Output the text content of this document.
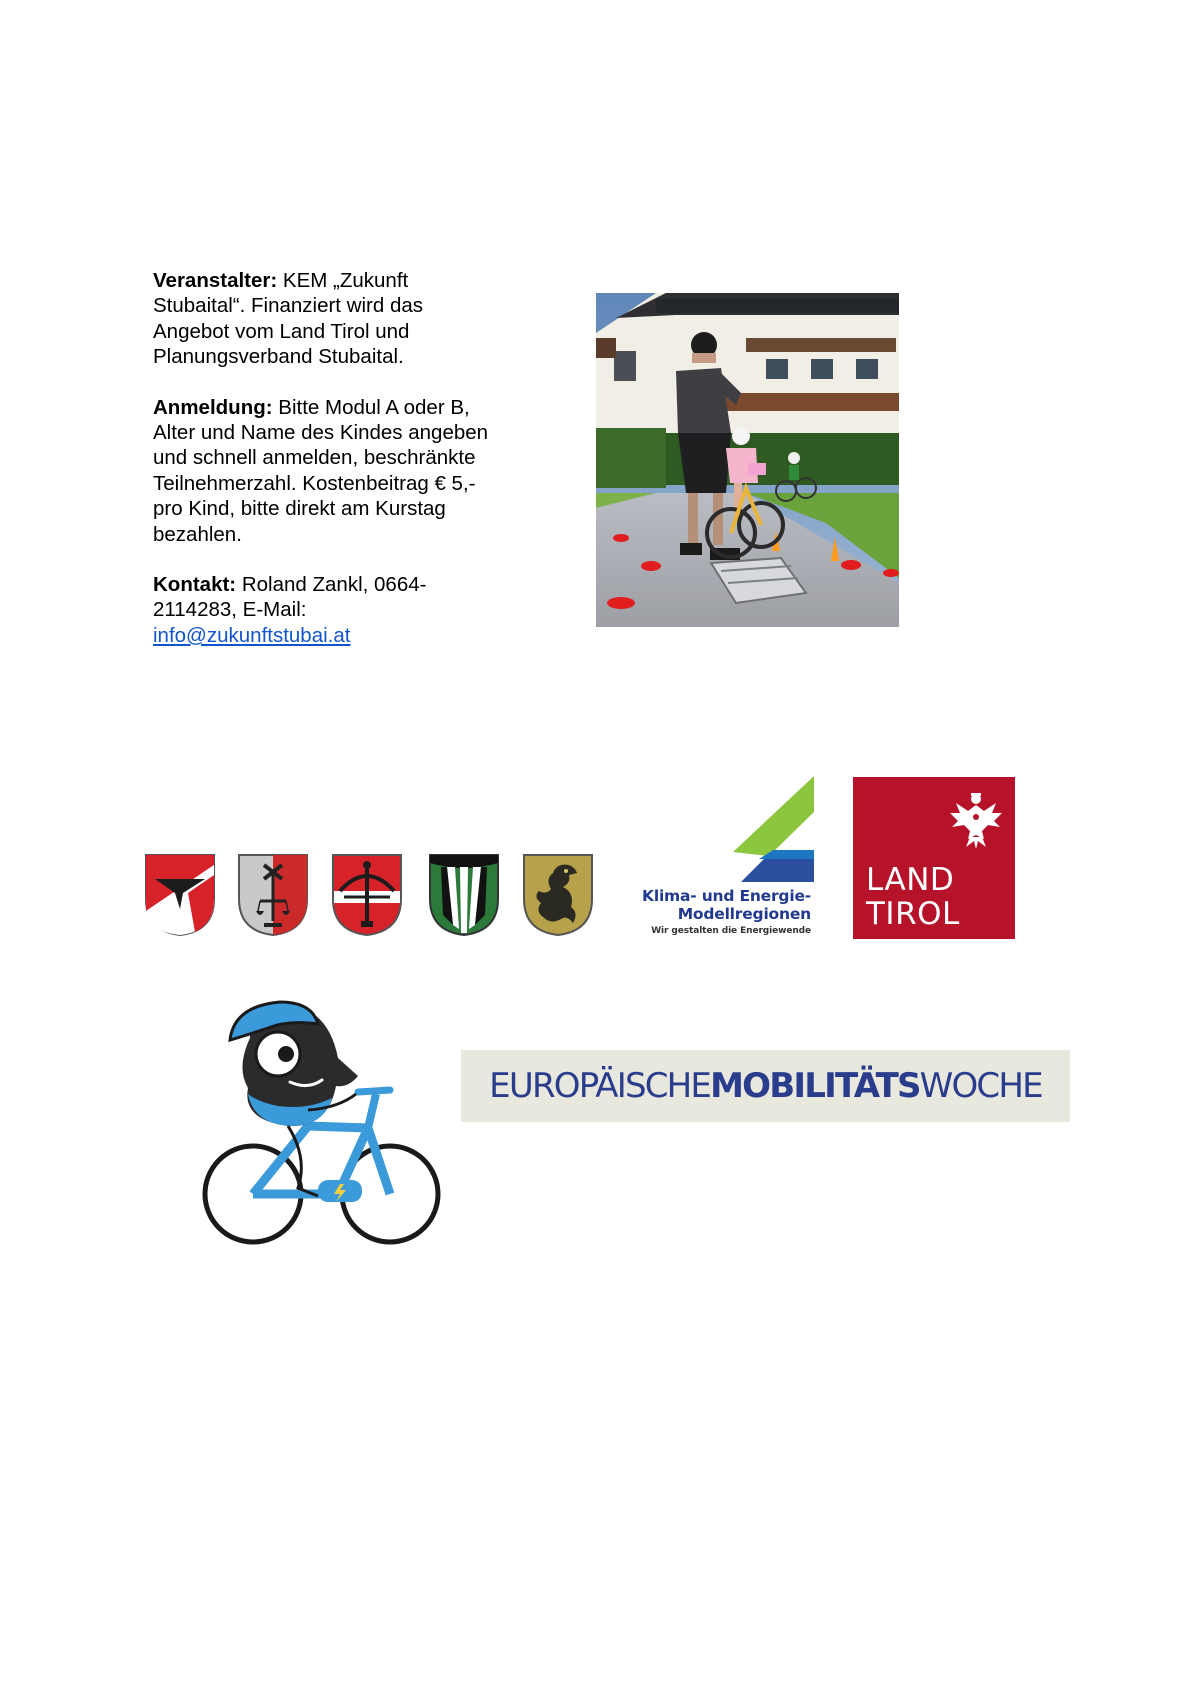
Veranstalter: KEM „Zukunft Stubaital“. Finanziert wird das Angebot vom Land Tirol und Planungsverband Stubaital.

Anmeldung: Bitte Modul A oder B, Alter und Name des Kindes angeben und schnell anmelden, beschränkte Teilnehmerzahl. Kostenbeitrag € 5,- pro Kind, bitte direkt am Kurstag bezahlen.

Kontakt: Roland Zankl, 0664-2114283, E-Mail: info@zukunftstubai.at

Klima- und Energie-
Modellregionen
Wir gestalten die Energiewende
LAND
TIROL
EUROPÄISCHE MOBILITÄTS WOCHE
